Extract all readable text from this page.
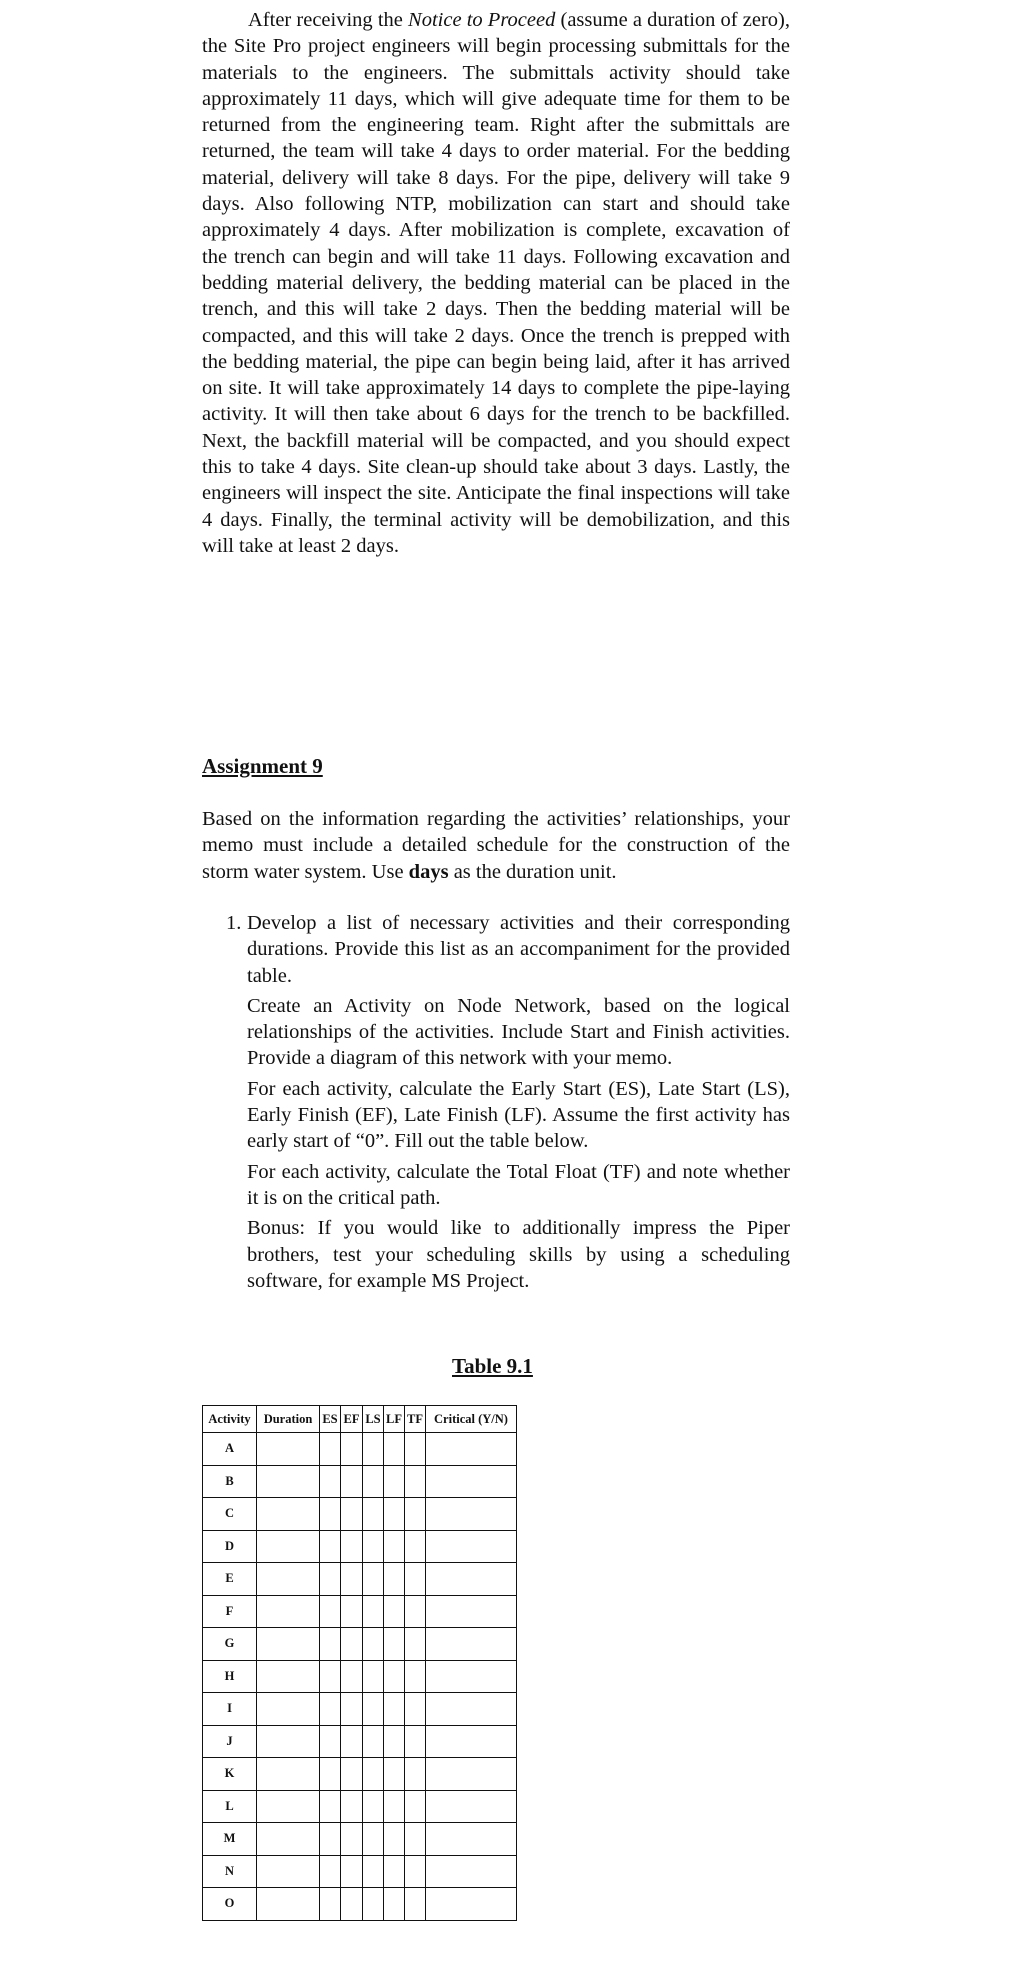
After receiving the Notice to Proceed (assume a duration of zero), the Site Pro project engineers will begin processing submittals for the materials to the engineers. The submittals activity should take approximately 11 days, which will give adequate time for them to be returned from the engineering team. Right after the submittals are returned, the team will take 4 days to order material. For the bedding material, delivery will take 8 days. For the pipe, delivery will take 9 days. Also following NTP, mobilization can start and should take approximately 4 days. After mobilization is complete, excavation of the trench can begin and will take 11 days. Following excavation and bedding material delivery, the bedding material can be placed in the trench, and this will take 2 days. Then the bedding material will be compacted, and this will take 2 days. Once the trench is prepped with the bedding material, the pipe can begin being laid, after it has arrived on site. It will take approximately 14 days to complete the pipe-laying activity. It will then take about 6 days for the trench to be backfilled. Next, the backfill material will be compacted, and you should expect this to take 4 days. Site clean-up should take about 3 days. Lastly, the engineers will inspect the site. Anticipate the final inspections will take 4 days. Finally, the terminal activity will be demobilization, and this will take at least 2 days.

Assignment 9

Based on the information regarding the activities’ relationships, your memo must include a detailed schedule for the construction of the storm water system. Use days as the duration unit.

1. Develop a list of necessary activities and their corresponding durations. Provide this list as an accompaniment for the provided table.
Create an Activity on Node Network, based on the logical relationships of the activities. Include Start and Finish activities. Provide a diagram of this network with your memo.
For each activity, calculate the Early Start (ES), Late Start (LS), Early Finish (EF), Late Finish (LF). Assume the first activity has early start of “0”. Fill out the table below.
For each activity, calculate the Total Float (TF) and note whether it is on the critical path.
Bonus: If you would like to additionally impress the Piper brothers, test your scheduling skills by using a scheduling software, for example MS Project.
Table 9.1
Activity	Duration	ES	EF	LS	LF	TF	Critical (Y/N)
A							
B							
C							
D							
E							
F							
G							
H							
I							
J							
K							
L							
M							
N							
O							
